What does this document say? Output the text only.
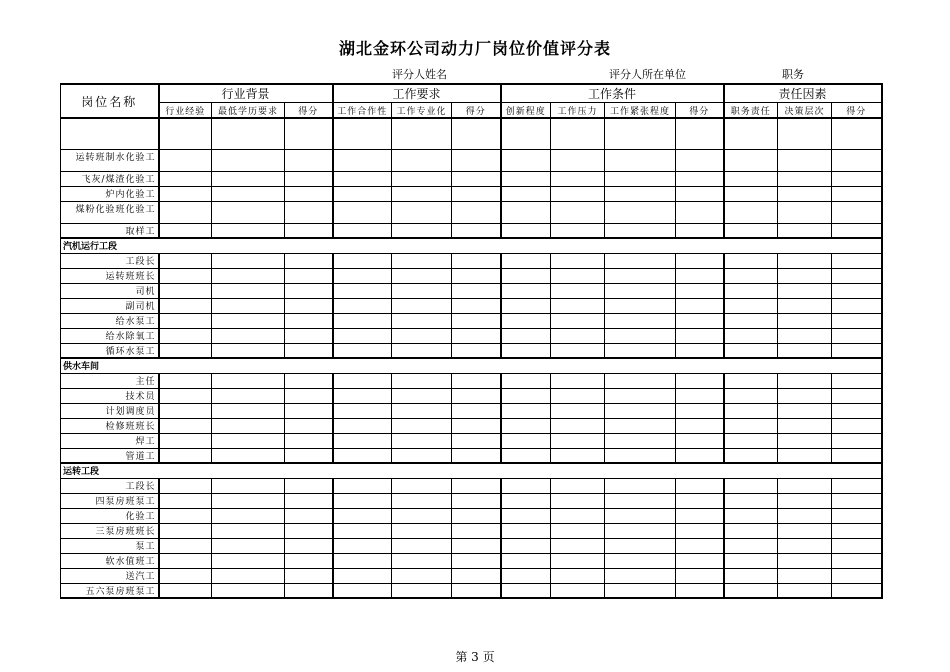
湖北金环公司动力厂岗位价值评分表
评分人姓名	评分人所在单位	职务
岗位名称	行业背景			工作要求			工作条件				责任因素		
	行业经验	最低学历要求	得分	工作合作性	工作专业化	得分	创新程度	工作压力	工作紧张程度	得分	职务责任	决策层次	得分

运转班制水化验工													
飞灰/煤渣化验工													
炉内化验工													
煤粉化验班化验工													
取样工													
汽机运行工段													
工段长													
运转班班长													
司机													
副司机													
给水泵工													
给水除氧工													
循环水泵工													
供水车间													
主任													
技术员													
计划调度员													
检修班班长													
焊工													
管道工													
运转工段													
工段长													
四泵房班泵工													
化验工													
三泵房班班长													
泵工													
软水值班工													
送汽工													
五六泵房班泵工													
第 3 页
